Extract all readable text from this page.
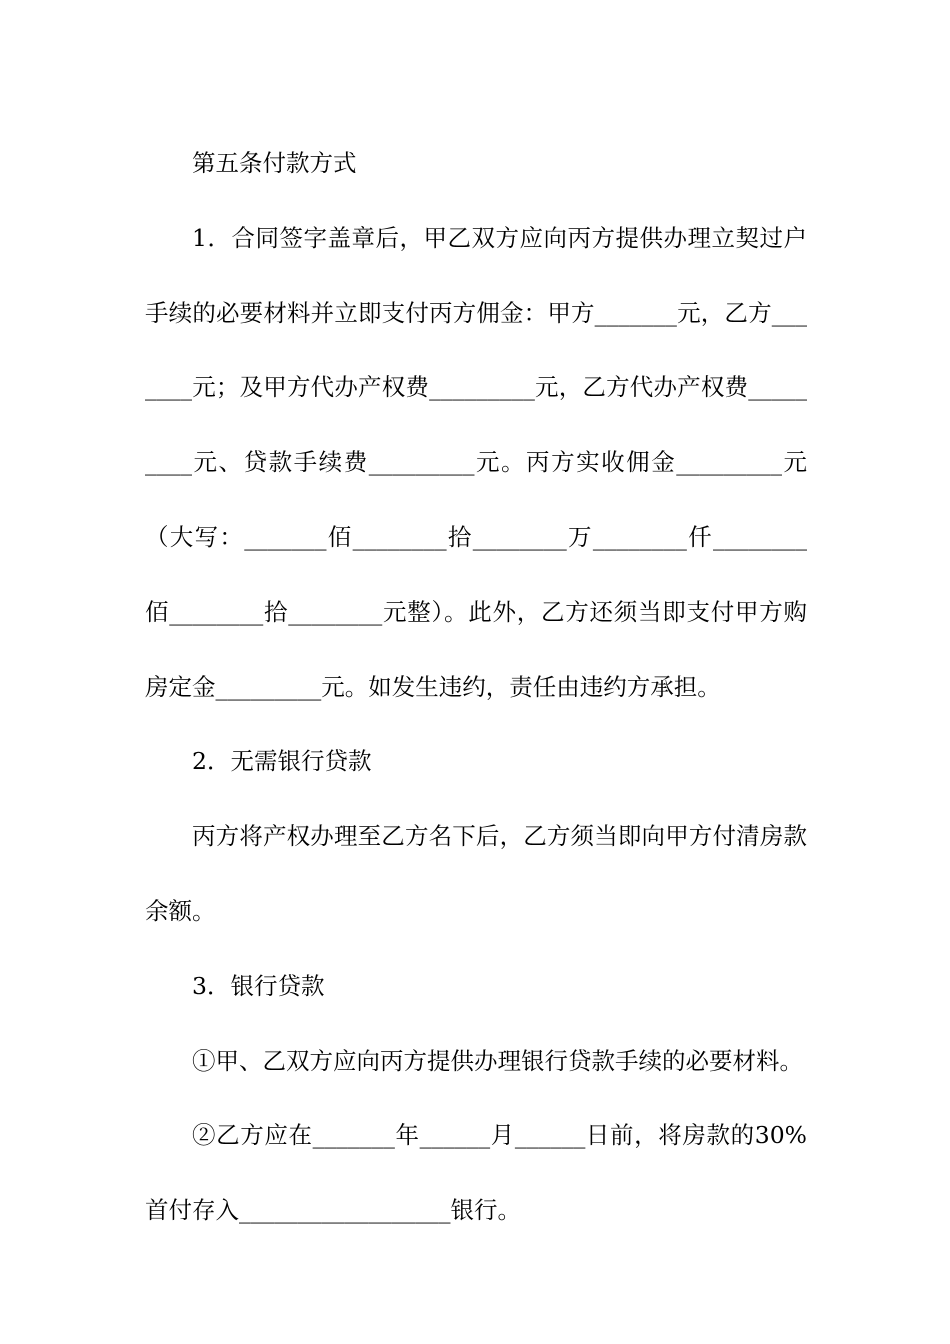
第五条付款方式

1．合同签字盖章后，甲乙双方应向丙方提供办理立契过户手续的必要材料并立即支付丙方佣金：甲方_______元，乙方_______元；及甲方代办产权费_________元，乙方代办产权费_________元、贷款手续费_________元。丙方实收佣金_________元（大写：_______佰________拾________万________仟________佰________拾________元整）。此外，乙方还须当即支付甲方购房定金_________元。如发生违约，责任由违约方承担。

2．无需银行贷款

丙方将产权办理至乙方名下后，乙方须当即向甲方付清房款余额。

3．银行贷款

①甲、乙双方应向丙方提供办理银行贷款手续的必要材料。

②乙方应在_______年______月______日前，将房款的30%首付存入__________________银行。
